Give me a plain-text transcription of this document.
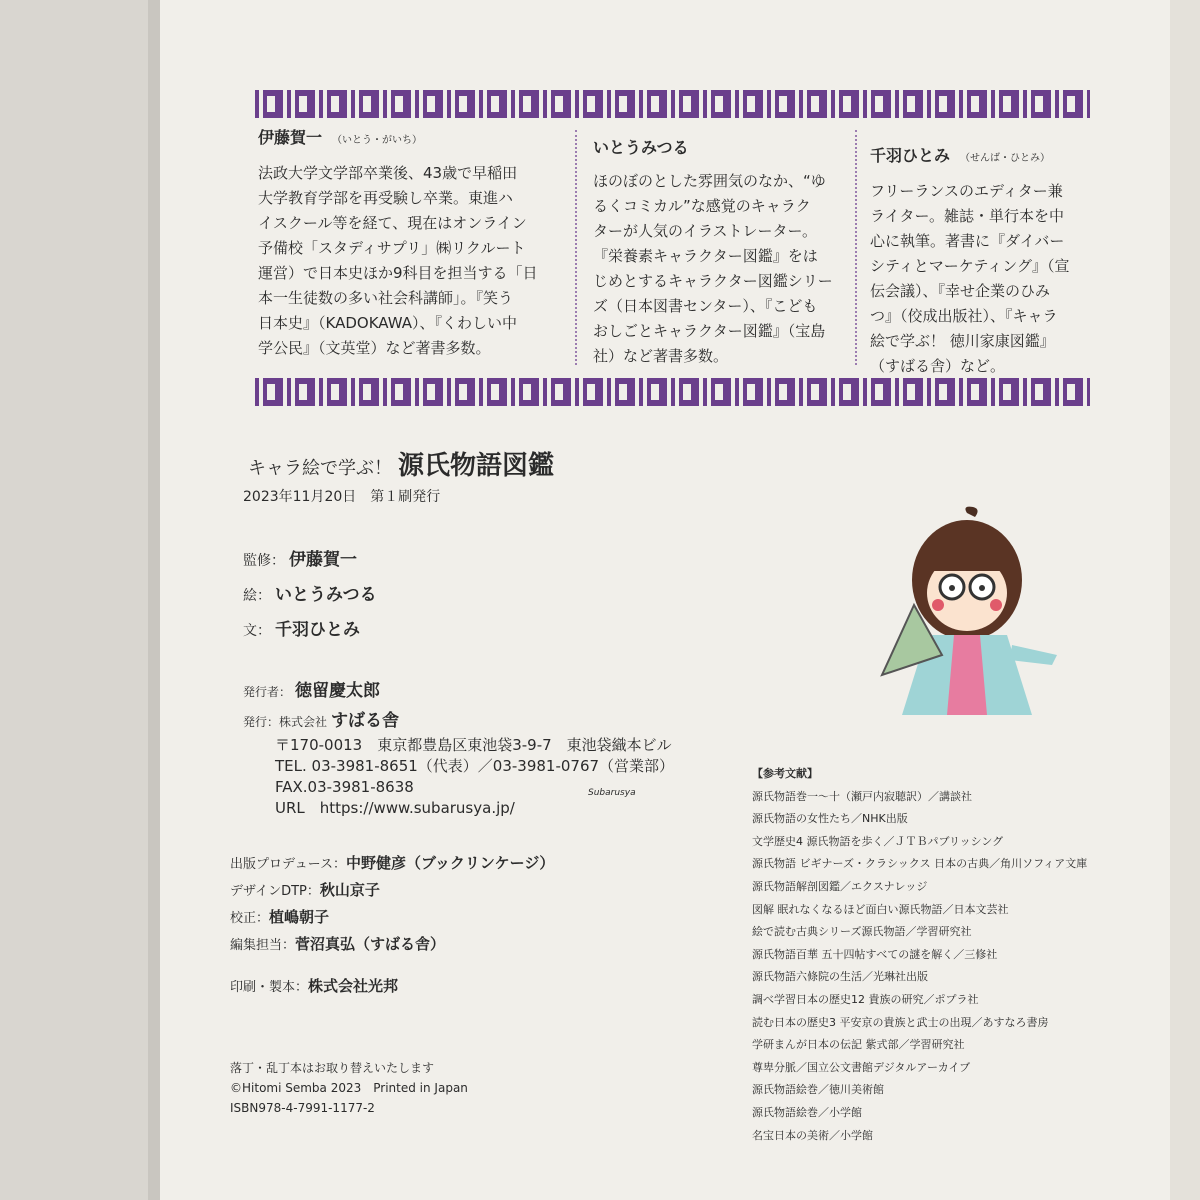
伊藤賀一 （いとう・がいち）
法政大学文学部卒業後、43歳で早稲田
大学教育学部を再受験し卒業。東進ハ
イスクール等を経て、現在はオンライン
予備校「スタディサプリ」㈱リクルート
運営）で日本史ほか9科目を担当する「日
本一生徒数の多い社会科講師」。『笑う
日本史』（KADOKAWA）、『くわしい中
学公民』（文英堂）など著書多数。
いとうみつる
ほのぼのとした雰囲気のなか、“ゆ
るくコミカル”な感覚のキャラク
ターが人気のイラストレーター。
『栄養素キャラクター図鑑』をは
じめとするキャラクター図鑑シリー
ズ（日本図書センター）、『こども
おしごとキャラクター図鑑』（宝島
社）など著書多数。
千羽ひとみ （せんば・ひとみ）
フリーランスのエディター兼
ライター。雑誌・単行本を中
心に執筆。著書に『ダイバー
シティとマーケティング』（宣
伝会議）、『幸せ企業のひみ
つ』（佼成出版社）、『キャラ
絵で学ぶ！ 徳川家康図鑑』
（すばる舎）など。
キャラ絵で学ぶ！ 源氏物語図鑑
2023年11月20日　第１刷発行
監修： 伊藤賀一
絵： いとうみつる
文： 千羽ひとみ
発行者： 徳留慶太郎
発行：株式会社 すばる舎
〒170-0013　東京都豊島区東池袋3-9-7　東池袋織本ビル
TEL. 03-3981-8651（代表）／03-3981-0767（営業部）
FAX.03-3981-8638
URL　https://www.subarusya.jp/
Subarusya
出版プロデュース：中野健彦（ブックリンケージ）
デザインDTP：秋山京子
校正：植嶋朝子
編集担当：菅沼真弘（すばる舎）
印刷・製本：株式会社光邦
落丁・乱丁本はお取り替えいたします
©Hitomi Semba 2023　Printed in Japan
ISBN978-4-7991-1177-2
【参考文献】
源氏物語巻一～十（瀬戸内寂聴訳）／講談社
源氏物語の女性たち／NHK出版
文学歴史4 源氏物語を歩く／ＪＴＢパブリッシング
源氏物語 ビギナーズ・クラシックス 日本の古典／角川ソフィア文庫
源氏物語解剖図鑑／エクスナレッジ
図解 眠れなくなるほど面白い源氏物語／日本文芸社
絵で読む古典シリーズ源氏物語／学習研究社
源氏物語百華 五十四帖すべての謎を解く／三修社
源氏物語六條院の生活／光琳社出版
調べ学習日本の歴史12 貴族の研究／ポプラ社
読む日本の歴史3 平安京の貴族と武士の出現／あすなろ書房
学研まんが日本の伝記 紫式部／学習研究社
尊卑分脈／国立公文書館デジタルアーカイブ
源氏物語絵巻／徳川美術館
源氏物語絵巻／小学館
名宝日本の美術／小学館
